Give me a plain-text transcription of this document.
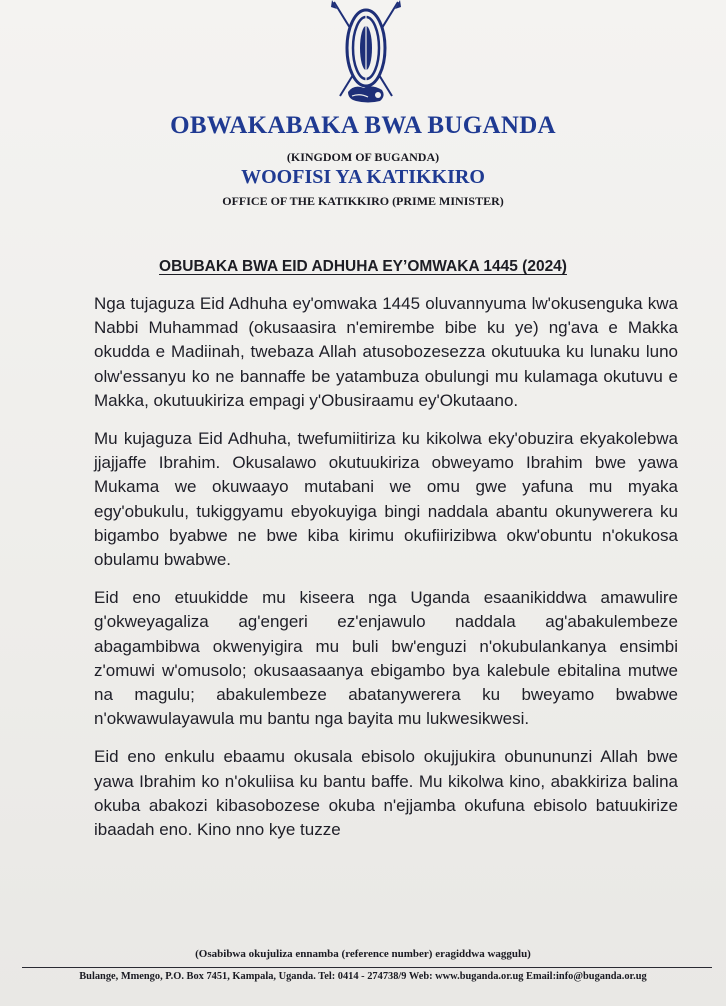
OBWAKABAKA BWA BUGANDA
(KINGDOM OF BUGANDA)
WOOFISI YA KATIKKIRO
OFFICE OF THE KATIKKIRO (PRIME MINISTER)
OBUBAKA BWA EID ADHUHA EY’OMWAKA 1445 (2024)

Nga tujaguza Eid Adhuha ey'omwaka 1445 oluvannyuma lw'okusenguka kwa Nabbi Muhammad (okusaasira n'emirembe bibe ku ye) ng'ava e Makka okudda e Madiinah, twebaza Allah atusobozesezza okutuuka ku lunaku luno olw'essanyu ko ne bannaffe be yatambuza obulungi mu kulamaga okutuvu e Makka, okutuukiriza empagi y'Obusiraamu ey'Okutaano.

Mu kujaguza Eid Adhuha, twefumiitiriza ku kikolwa eky'obuzira ekyakolebwa jjajjaffe Ibrahim. Okusalawo okutuukiriza obweyamo Ibrahim bwe yawa Mukama we okuwaayo mutabani we omu gwe yafuna mu myaka egy'obukulu, tukiggyamu ebyokuyiga bingi naddala abantu okunywerera ku bigambo byabwe ne bwe kiba kirimu okufiirizibwa okw'obuntu n'okukosa obulamu bwabwe.

Eid eno etuukidde mu kiseera nga Uganda esaanikiddwa amawulire g'okweyagaliza ag'engeri ez'enjawulo naddala ag'abakulembeze abagambibwa okwenyigira mu buli bw'enguzi n'okubulankanya ensimbi z'omuwi w'omusolo; okusaasaanya ebigambo bya kalebule ebitalina mutwe na magulu; abakulembeze abatanywerera ku bweyamo bwabwe n'okwawulayawula mu bantu nga bayita mu lukwesikwesi.

Eid eno enkulu ebaamu okusala ebisolo okujjukira obunununzi Allah bwe yawa Ibrahim ko n'okuliisa ku bantu baffe. Mu kikolwa kino, abakkiriza balina okuba abakozi kibasobozese okuba n'ejjamba okufuna ebisolo batuukirize ibaadah eno. Kino nno kye tuzze

(Osabibwa okujuliza ennamba (reference number) eragiddwa waggulu)
Bulange, Mmengo, P.O. Box 7451, Kampala, Uganda. Tel: 0414 - 274738/9 Web: www.buganda.or.ug Email:info@buganda.or.ug
